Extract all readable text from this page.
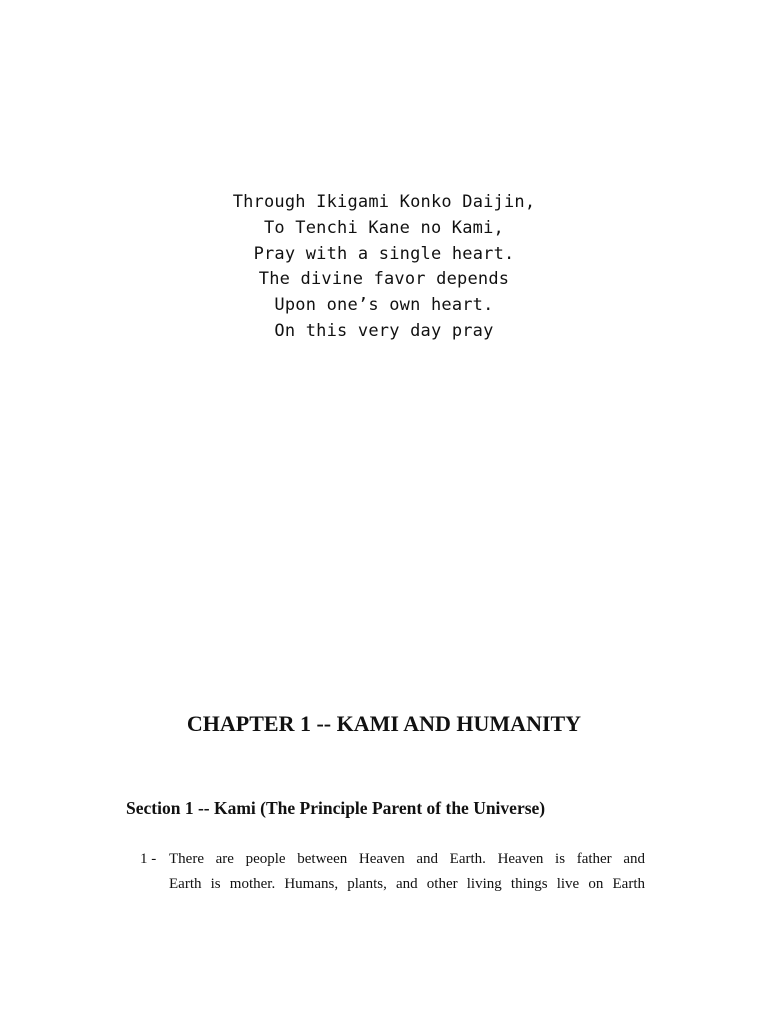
Through Ikigami Konko Daijin,
To Tenchi Kane no Kami,
Pray with a single heart.
The divine favor depends
Upon one’s own heart.
On this very day pray
CHAPTER 1 -- KAMI AND HUMANITY
Section 1 -- Kami (The Principle Parent of the Universe)
1 - There are people between Heaven and Earth. Heaven is father and
Earth is mother. Humans, plants, and other living things live on Earth
